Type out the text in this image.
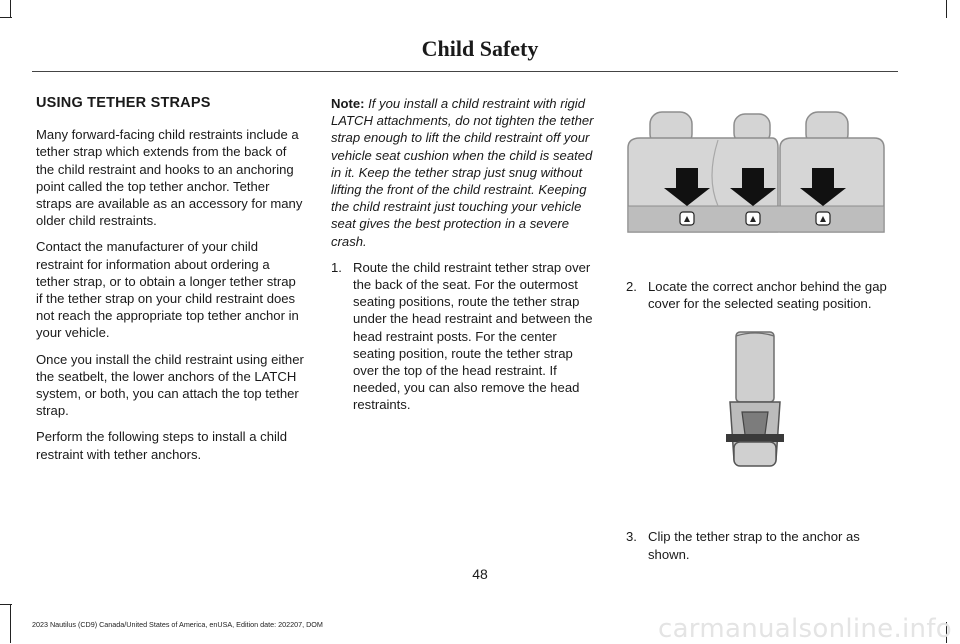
Child Safety
USING TETHER STRAPS

Many forward-facing child restraints include a tether strap which extends from the back of the child restraint and hooks to an anchoring point called the top tether anchor. Tether straps are available as an accessory for many older child restraints.

Contact the manufacturer of your child restraint for information about ordering a tether strap, or to obtain a longer tether strap if the tether strap on your child restraint does not reach the appropriate top tether anchor in your vehicle.

Once you install the child restraint using either the seatbelt, the lower anchors of the LATCH system, or both, you can attach the top tether strap.

Perform the following steps to install a child restraint with tether anchors.

Note: If you install a child restraint with rigid LATCH attachments, do not tighten the tether strap enough to lift the child restraint off your vehicle seat cushion when the child is seated in it. Keep the tether strap just snug without lifting the front of the child restraint. Keeping the child restraint just touching your vehicle seat gives the best protection in a severe crash.

1. Route the child restraint tether strap over the back of the seat. For the outermost seating positions, route the tether strap under the head restraint and between the head restraint posts. For the center seating position, route the tether strap over the top of the head restraint. If needed, you can also remove the head restraints.
2. Locate the correct anchor behind the gap cover for the selected seating position.
3. Clip the tether strap to the anchor as shown.
48
2023 Nautilus (CD9) Canada/United States of America, enUSA, Edition date: 202207, DOM	carmanualsonline.info
